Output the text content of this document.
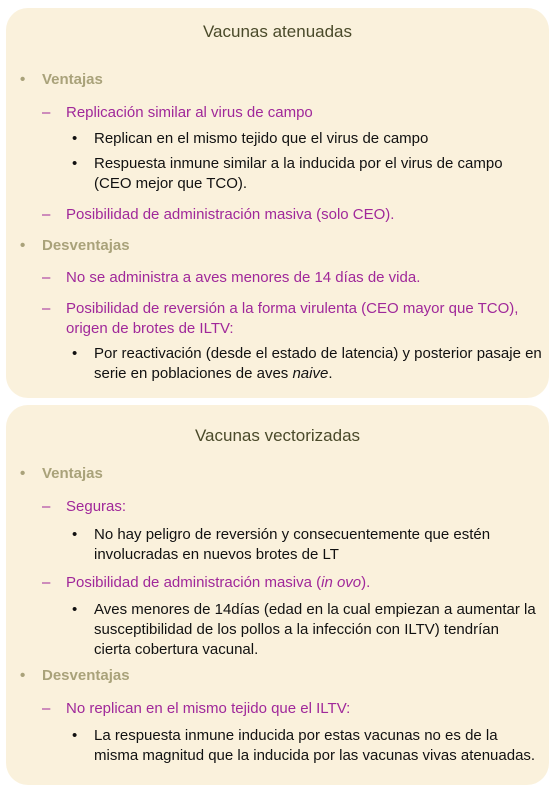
Vacunas atenuadas
• Ventajas
– Replicación similar al virus de campo
• Replican en el mismo tejido que el virus de campo
• Respuesta inmune similar a la inducida por el virus de campo (CEO mejor que TCO).
– Posibilidad de administración masiva (solo CEO).
• Desventajas
– No se administra a aves menores de 14 días de vida.
– Posibilidad de reversión a la forma virulenta (CEO mayor que TCO), origen de brotes de ILTV:
• Por reactivación (desde el estado de latencia) y posterior pasaje en serie en poblaciones de aves naive.
Vacunas vectorizadas
• Ventajas
– Seguras:
• No hay peligro de reversión y consecuentemente que estén involucradas en nuevos brotes de LT
– Posibilidad de administración masiva (in ovo).
• Aves menores de 14días (edad en la cual empiezan a aumentar la susceptibilidad de los pollos a la infección con ILTV) tendrían cierta cobertura vacunal.
• Desventajas
– No replican en el mismo tejido que el ILTV:
• La respuesta inmune inducida por estas vacunas no es de la misma magnitud que la inducida por las vacunas vivas atenuadas.
